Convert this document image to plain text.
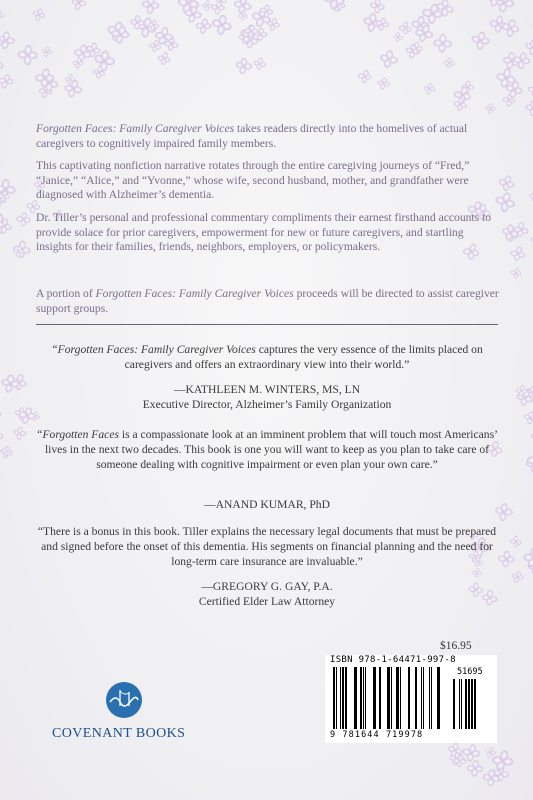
Forgotten Faces: Family Caregiver Voices takes readers directly into the homelives of actual caregivers to cognitively impaired family members.

This captivating nonfiction narrative rotates through the entire caregiving journeys of “Fred,” “Janice,” “Alice,” and “Yvonne,” whose wife, second husband, mother, and grandfather were diagnosed with Alzheimer’s dementia.

Dr. Tiller’s personal and professional commentary compliments their earnest firsthand accounts to provide solace for prior caregivers, empowerment for new or future caregivers, and startling insights for their families, friends, neighbors, employers, or policymakers.

A portion of Forgotten Faces: Family Caregiver Voices proceeds will be directed to assist caregiver support groups.

“Forgotten Faces: Family Caregiver Voices captures the very essence of the limits placed on caregivers and offers an extraordinary view into their world.”

—KATHLEEN M. WINTERS, MS, LN
Executive Director, Alzheimer’s Family Organization

“Forgotten Faces is a compassionate look at an imminent problem that will touch most Americans’ lives in the next two decades. This book is one you will want to keep as you plan to take care of someone dealing with cognitive impairment or even plan your own care.”

—ANAND KUMAR, PhD

“There is a bonus in this book. Tiller explains the necessary legal documents that must be prepared and signed before the onset of this dementia. His segments on financial planning and the need for long-term care insurance are invaluable.”

—GREGORY G. GAY, P.A.
Certified Elder Law Attorney
$16.95
ISBN 978-1-64471-997-8
51695
9 781644 719978
COVENANT BOOKS
